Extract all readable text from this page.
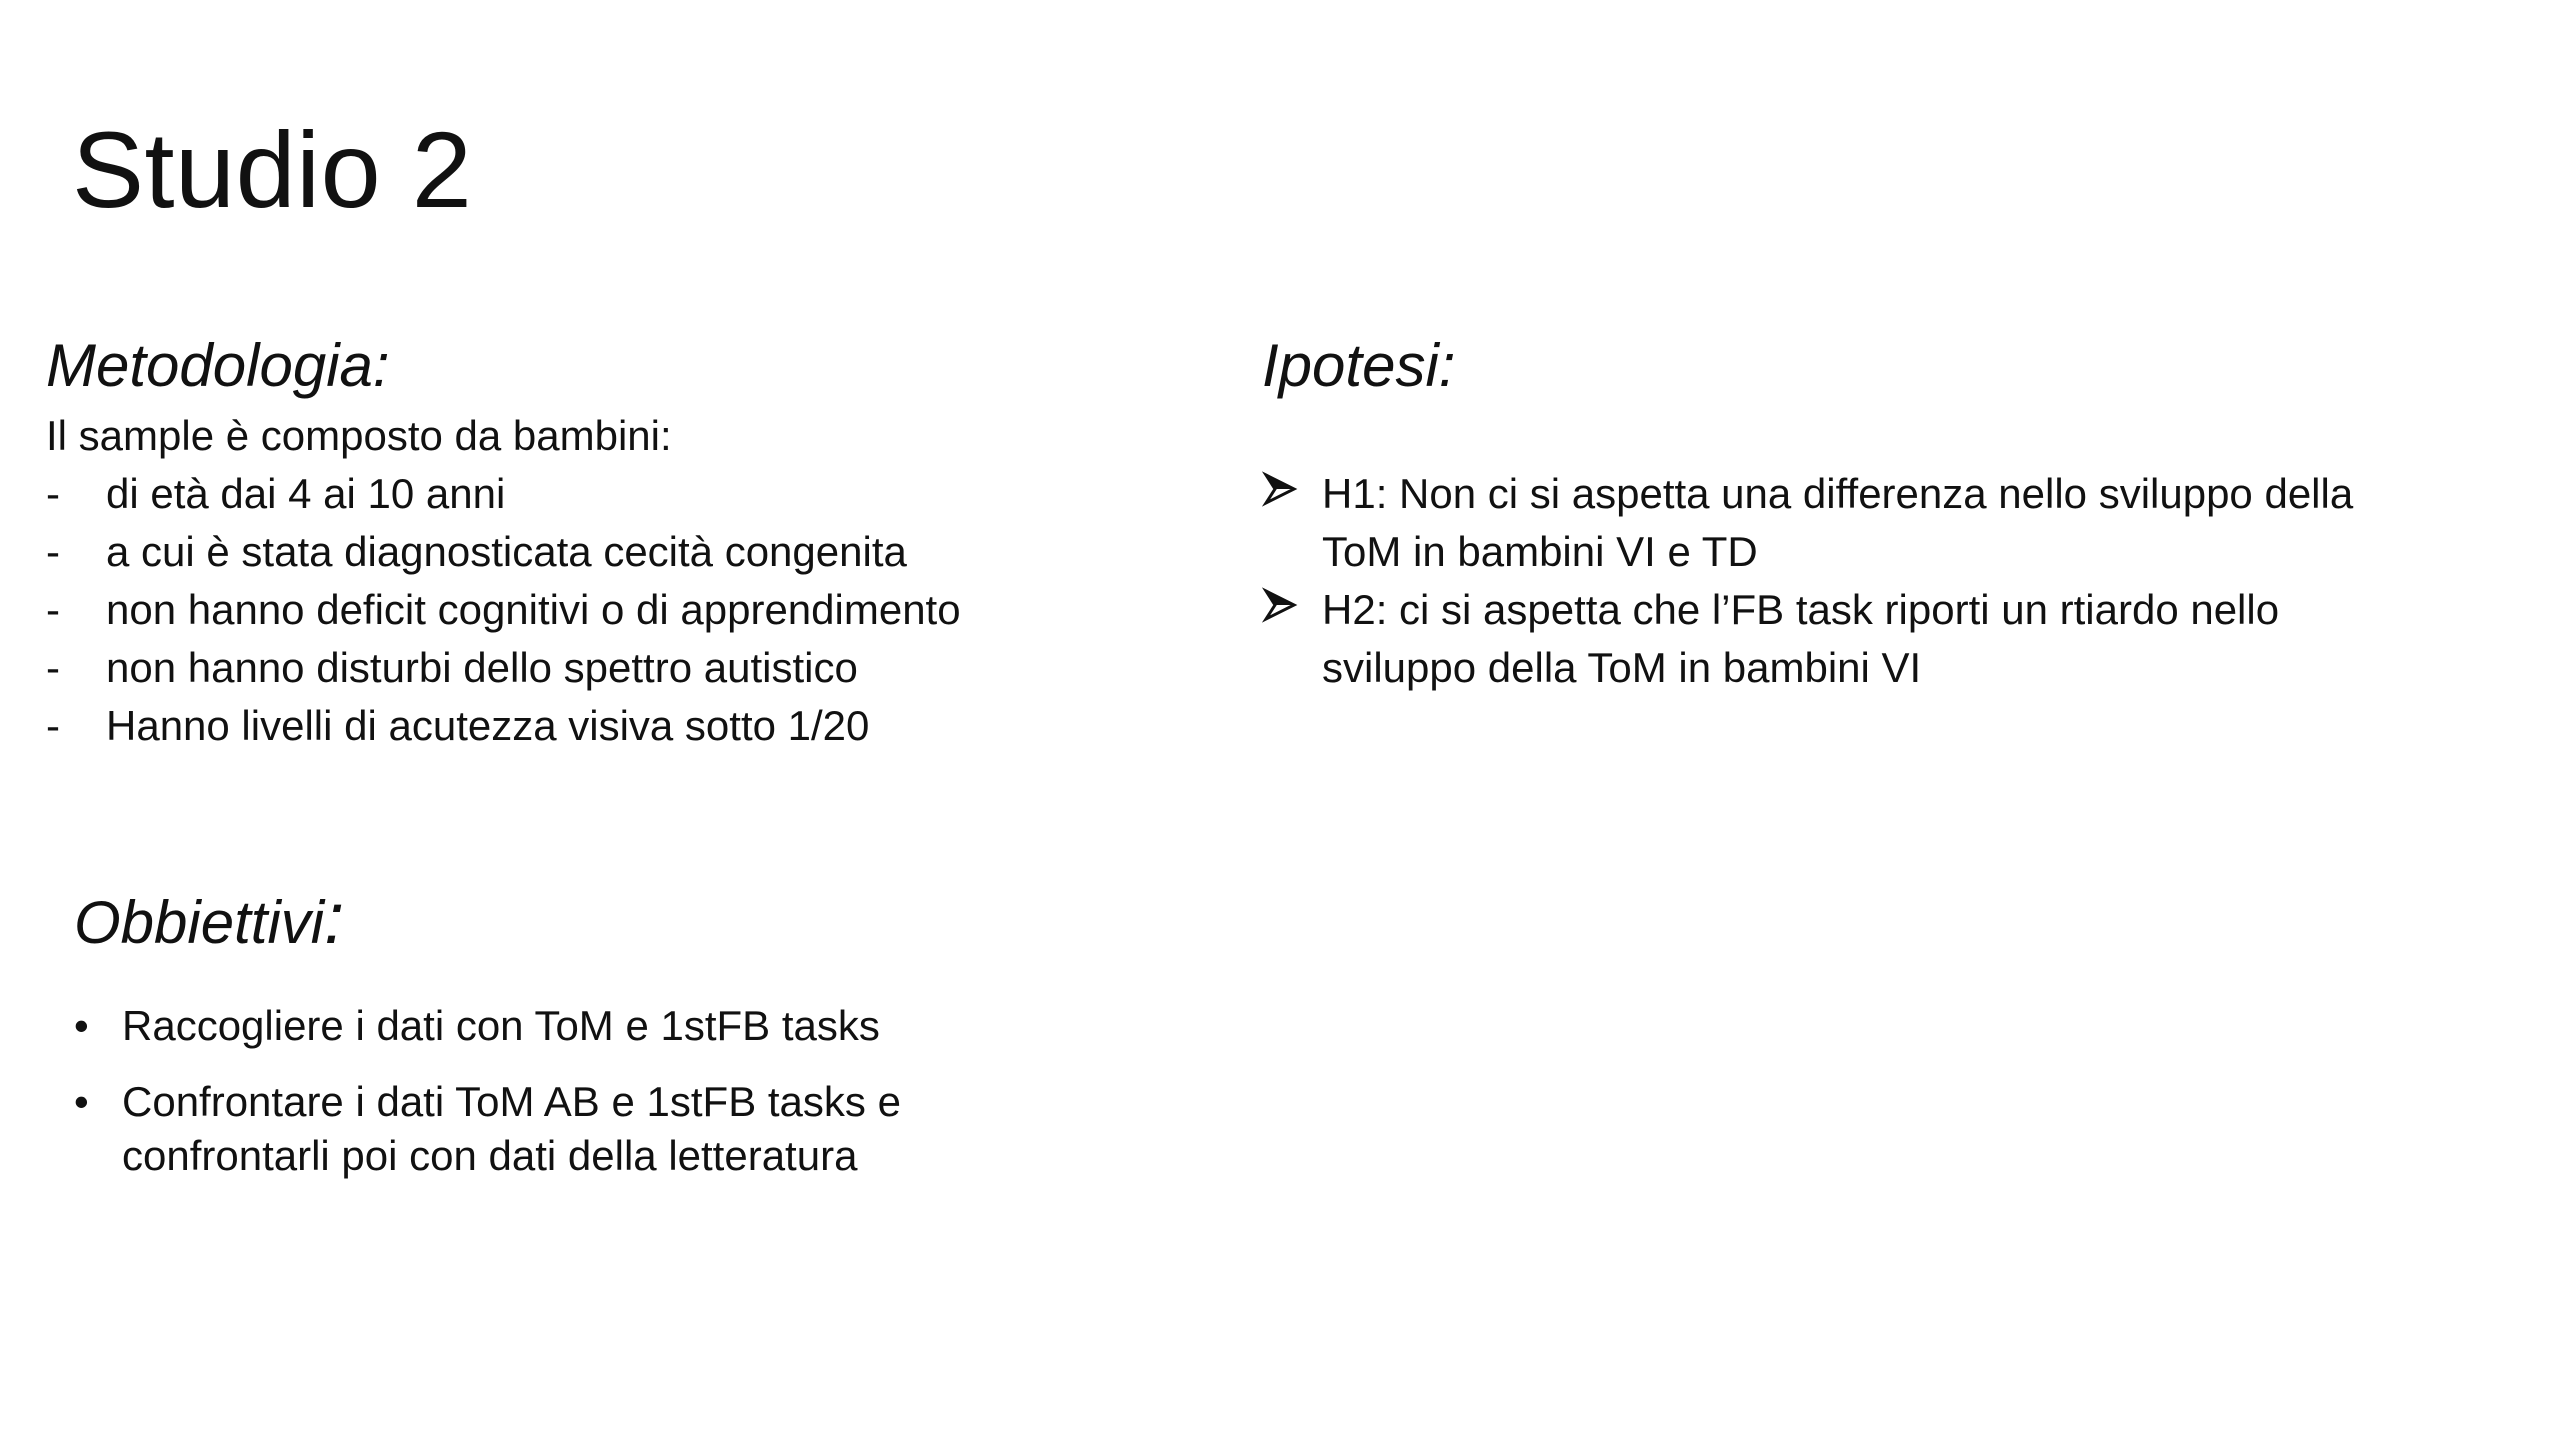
Studio 2
Metodologia:
Il sample è composto da bambini:
- di età dai 4 ai 10 anni
- a cui è stata diagnosticata cecità congenita
- non hanno deficit cognitivi o di apprendimento
- non hanno disturbi dello spettro autistico
- Hanno livelli di acutezza visiva sotto 1/20
Ipotesi:
H1: Non ci si aspetta una differenza nello sviluppo della
ToM in bambini VI e TD
H2: ci si aspetta che l’FB task riporti un rtiardo nello
sviluppo della ToM in bambini VI
Obbiettivi:
• Raccogliere i dati con ToM e 1stFB tasks
• Confrontare i dati ToM AB e 1stFB tasks e
confrontarli poi con dati della letteratura
